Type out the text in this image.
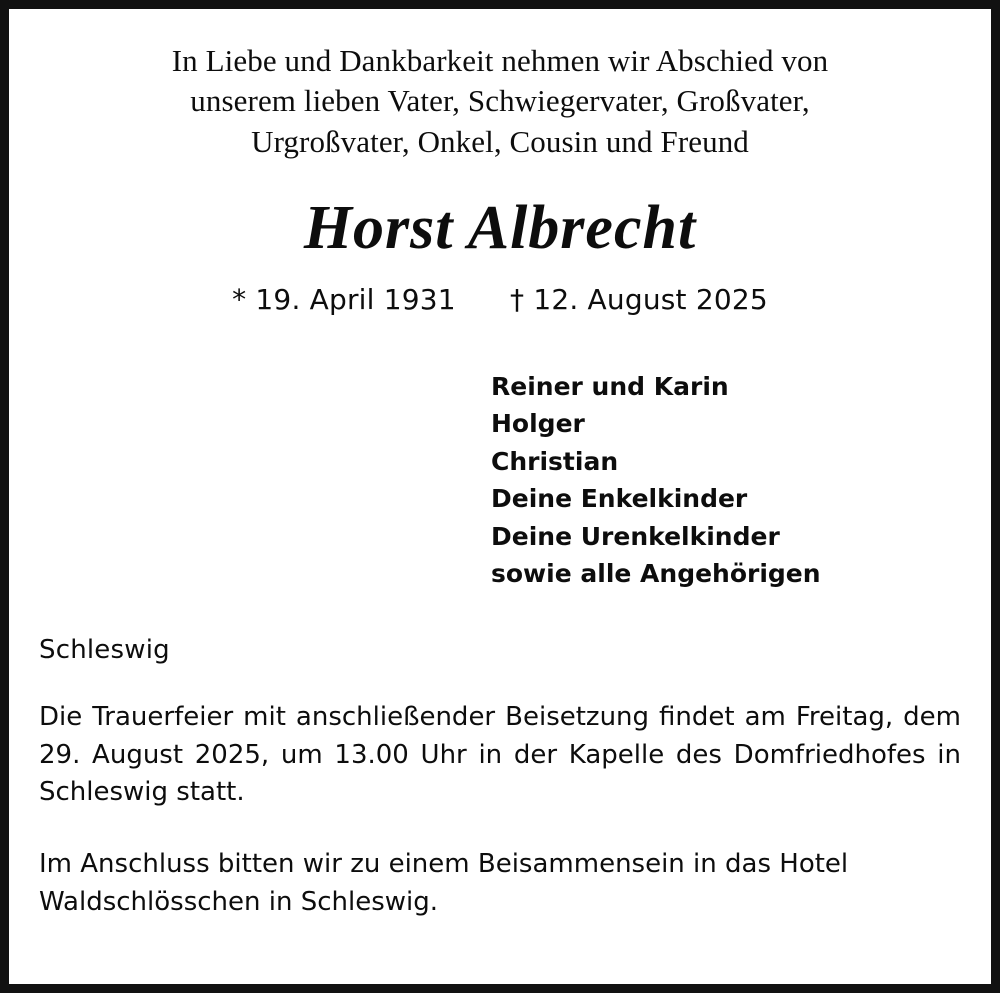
In Liebe und Dankbarkeit nehmen wir Abschied von
unserem lieben Vater, Schwiegervater, Großvater,
Urgroßvater, Onkel, Cousin und Freund
Horst Albrecht
* 19. April 1931 † 12. August 2025
Reiner und Karin
Holger
Christian
Deine Enkelkinder
Deine Urenkelkinder
sowie alle Angehörigen
Schleswig
Die Trauerfeier mit anschließender Beisetzung findet am Freitag, dem 29. August 2025, um 13.00 Uhr in der Kapelle des Domfriedhofes in Schleswig statt.
Im Anschluss bitten wir zu einem Beisammensein in das Hotel Waldschlösschen in Schleswig.
